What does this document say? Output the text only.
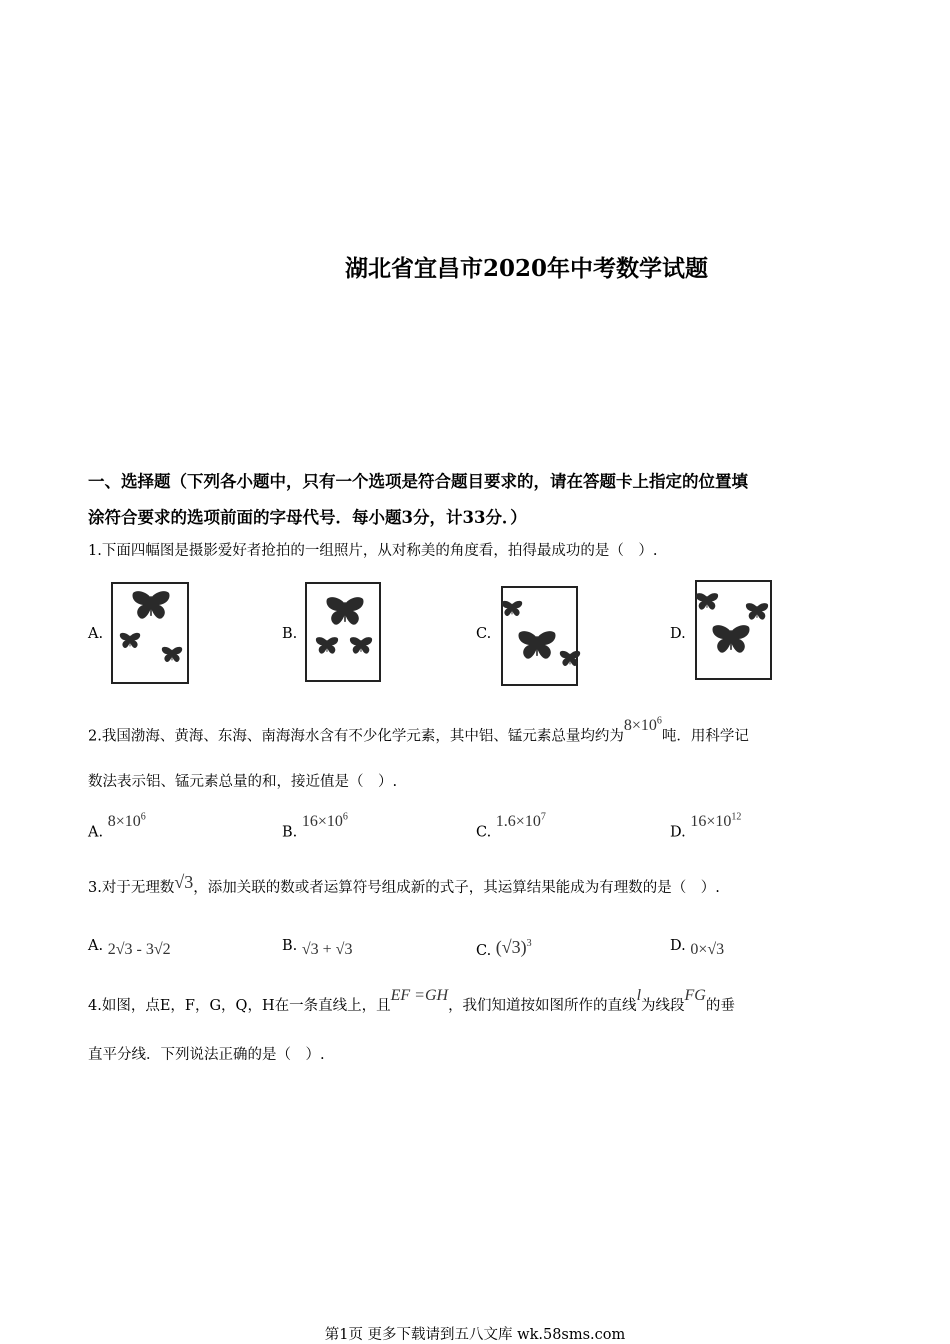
湖北省宜昌市2020年中考数学试题
一、选择题（下列各小题中，只有一个选项是符合题目要求的，请在答题卡上指定的位置填
涂符合要求的选项前面的字母代号．每小题3分，计33分．）
1.下面四幅图是摄影爱好者抢拍的一组照片，从对称美的角度看，拍得最成功的是（　）.
A.	B.	C.	D.
2.我国渤海、黄海、东海、南海海水含有不少化学元素，其中铝、锰元素总量均约为$8\times 10^6$吨．用科学记
数法表示铝、锰元素总量的和，接近值是（　）.
A. $8\times 10^6$
B. $16\times 10^6$
C. $1.6\times 10^7$
D. $16\times 10^{12}$
3.对于无理数√3，添加关联的数或者运算符号组成新的式子，其运算结果能成为有理数的是（　）.
A. 2√3 - 3√2	B. √3 + √3	C. $(√3)^3$	D. 0×√3
4.如图，点E，F，G，Q，H在一条直线上，且EF =GH，我们知道按如图所作的直线l为线段FG的垂
直平分线．下列说法正确的是（　）.
第1页 更多下载请到五八文库 wk.58sms.com
